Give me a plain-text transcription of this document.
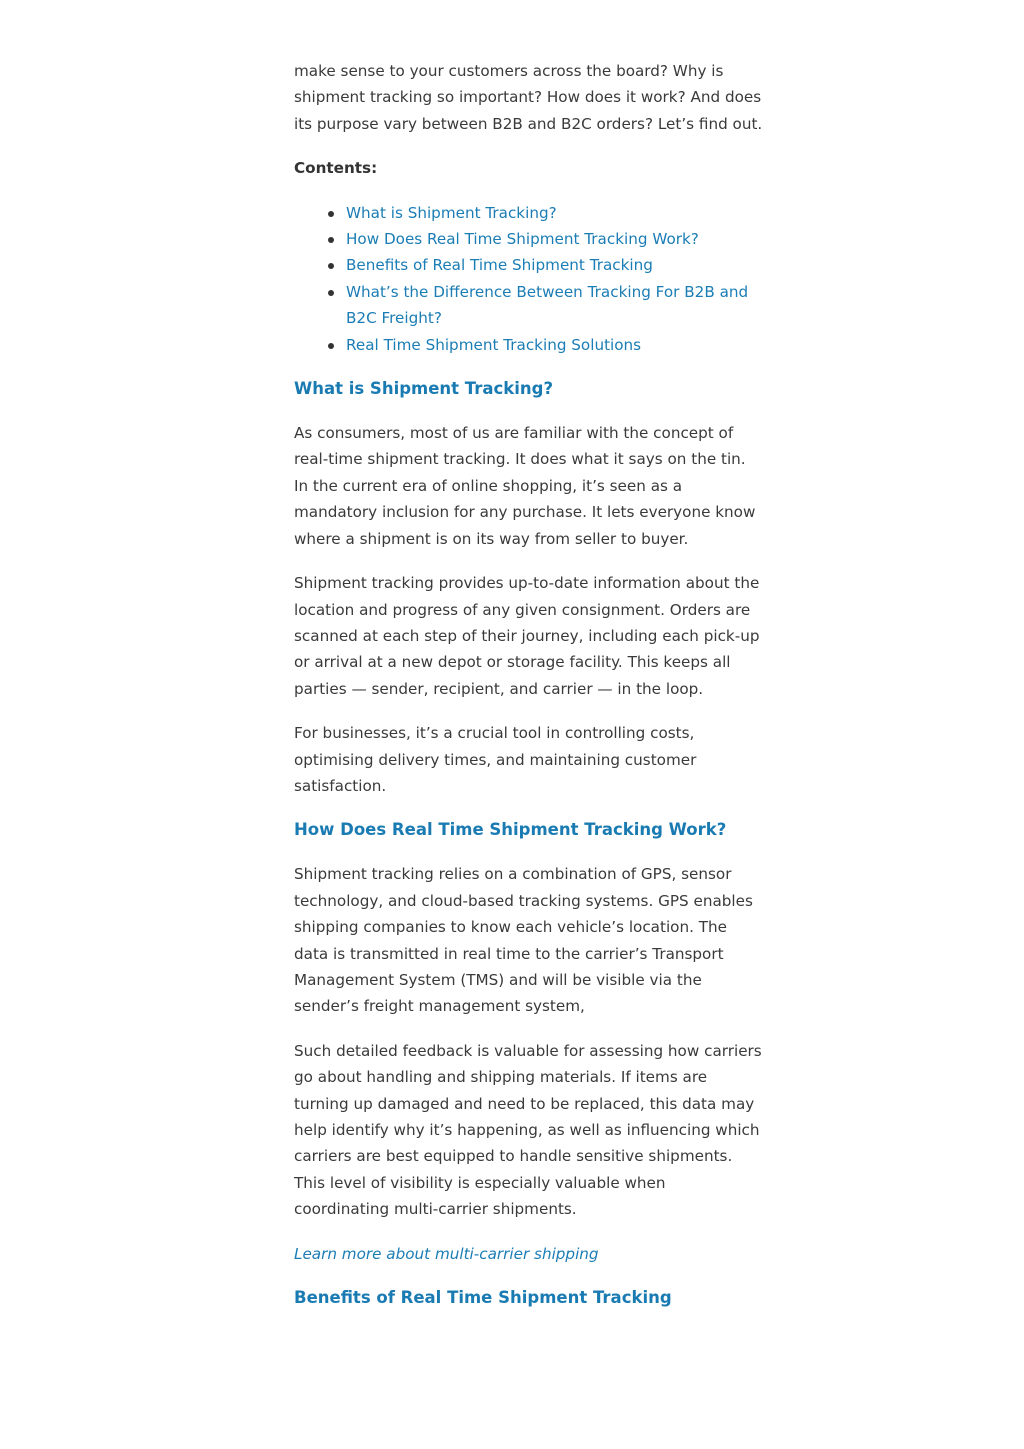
make sense to your customers across the board? Why is shipment tracking so important? How does it work? And does its purpose vary between B2B and B2C orders? Let’s find out.

Contents:

What is Shipment Tracking?
How Does Real Time Shipment Tracking Work?
Benefits of Real Time Shipment Tracking
What’s the Difference Between Tracking For B2B and B2C Freight?
Real Time Shipment Tracking Solutions
What is Shipment Tracking?

As consumers, most of us are familiar with the concept of real-time shipment tracking. It does what it says on the tin. In the current era of online shopping, it’s seen as a mandatory inclusion for any purchase. It lets everyone know where a shipment is on its way from seller to buyer.

Shipment tracking provides up-to-date information about the location and progress of any given consignment. Orders are scanned at each step of their journey, including each pick-up or arrival at a new depot or storage facility. This keeps all parties — sender, recipient, and carrier — in the loop.

For businesses, it’s a crucial tool in controlling costs, optimising delivery times, and maintaining customer satisfaction.

How Does Real Time Shipment Tracking Work?

Shipment tracking relies on a combination of GPS, sensor technology, and cloud-based tracking systems. GPS enables shipping companies to know each vehicle’s location. The data is transmitted in real time to the carrier’s Transport Management System (TMS) and will be visible via the sender’s freight management system,

Such detailed feedback is valuable for assessing how carriers go about handling and shipping materials. If items are turning up damaged and need to be replaced, this data may help identify why it’s happening, as well as influencing which carriers are best equipped to handle sensitive shipments. This level of visibility is especially valuable when coordinating multi-carrier shipments.

Learn more about multi-carrier shipping

Benefits of Real Time Shipment Tracking
